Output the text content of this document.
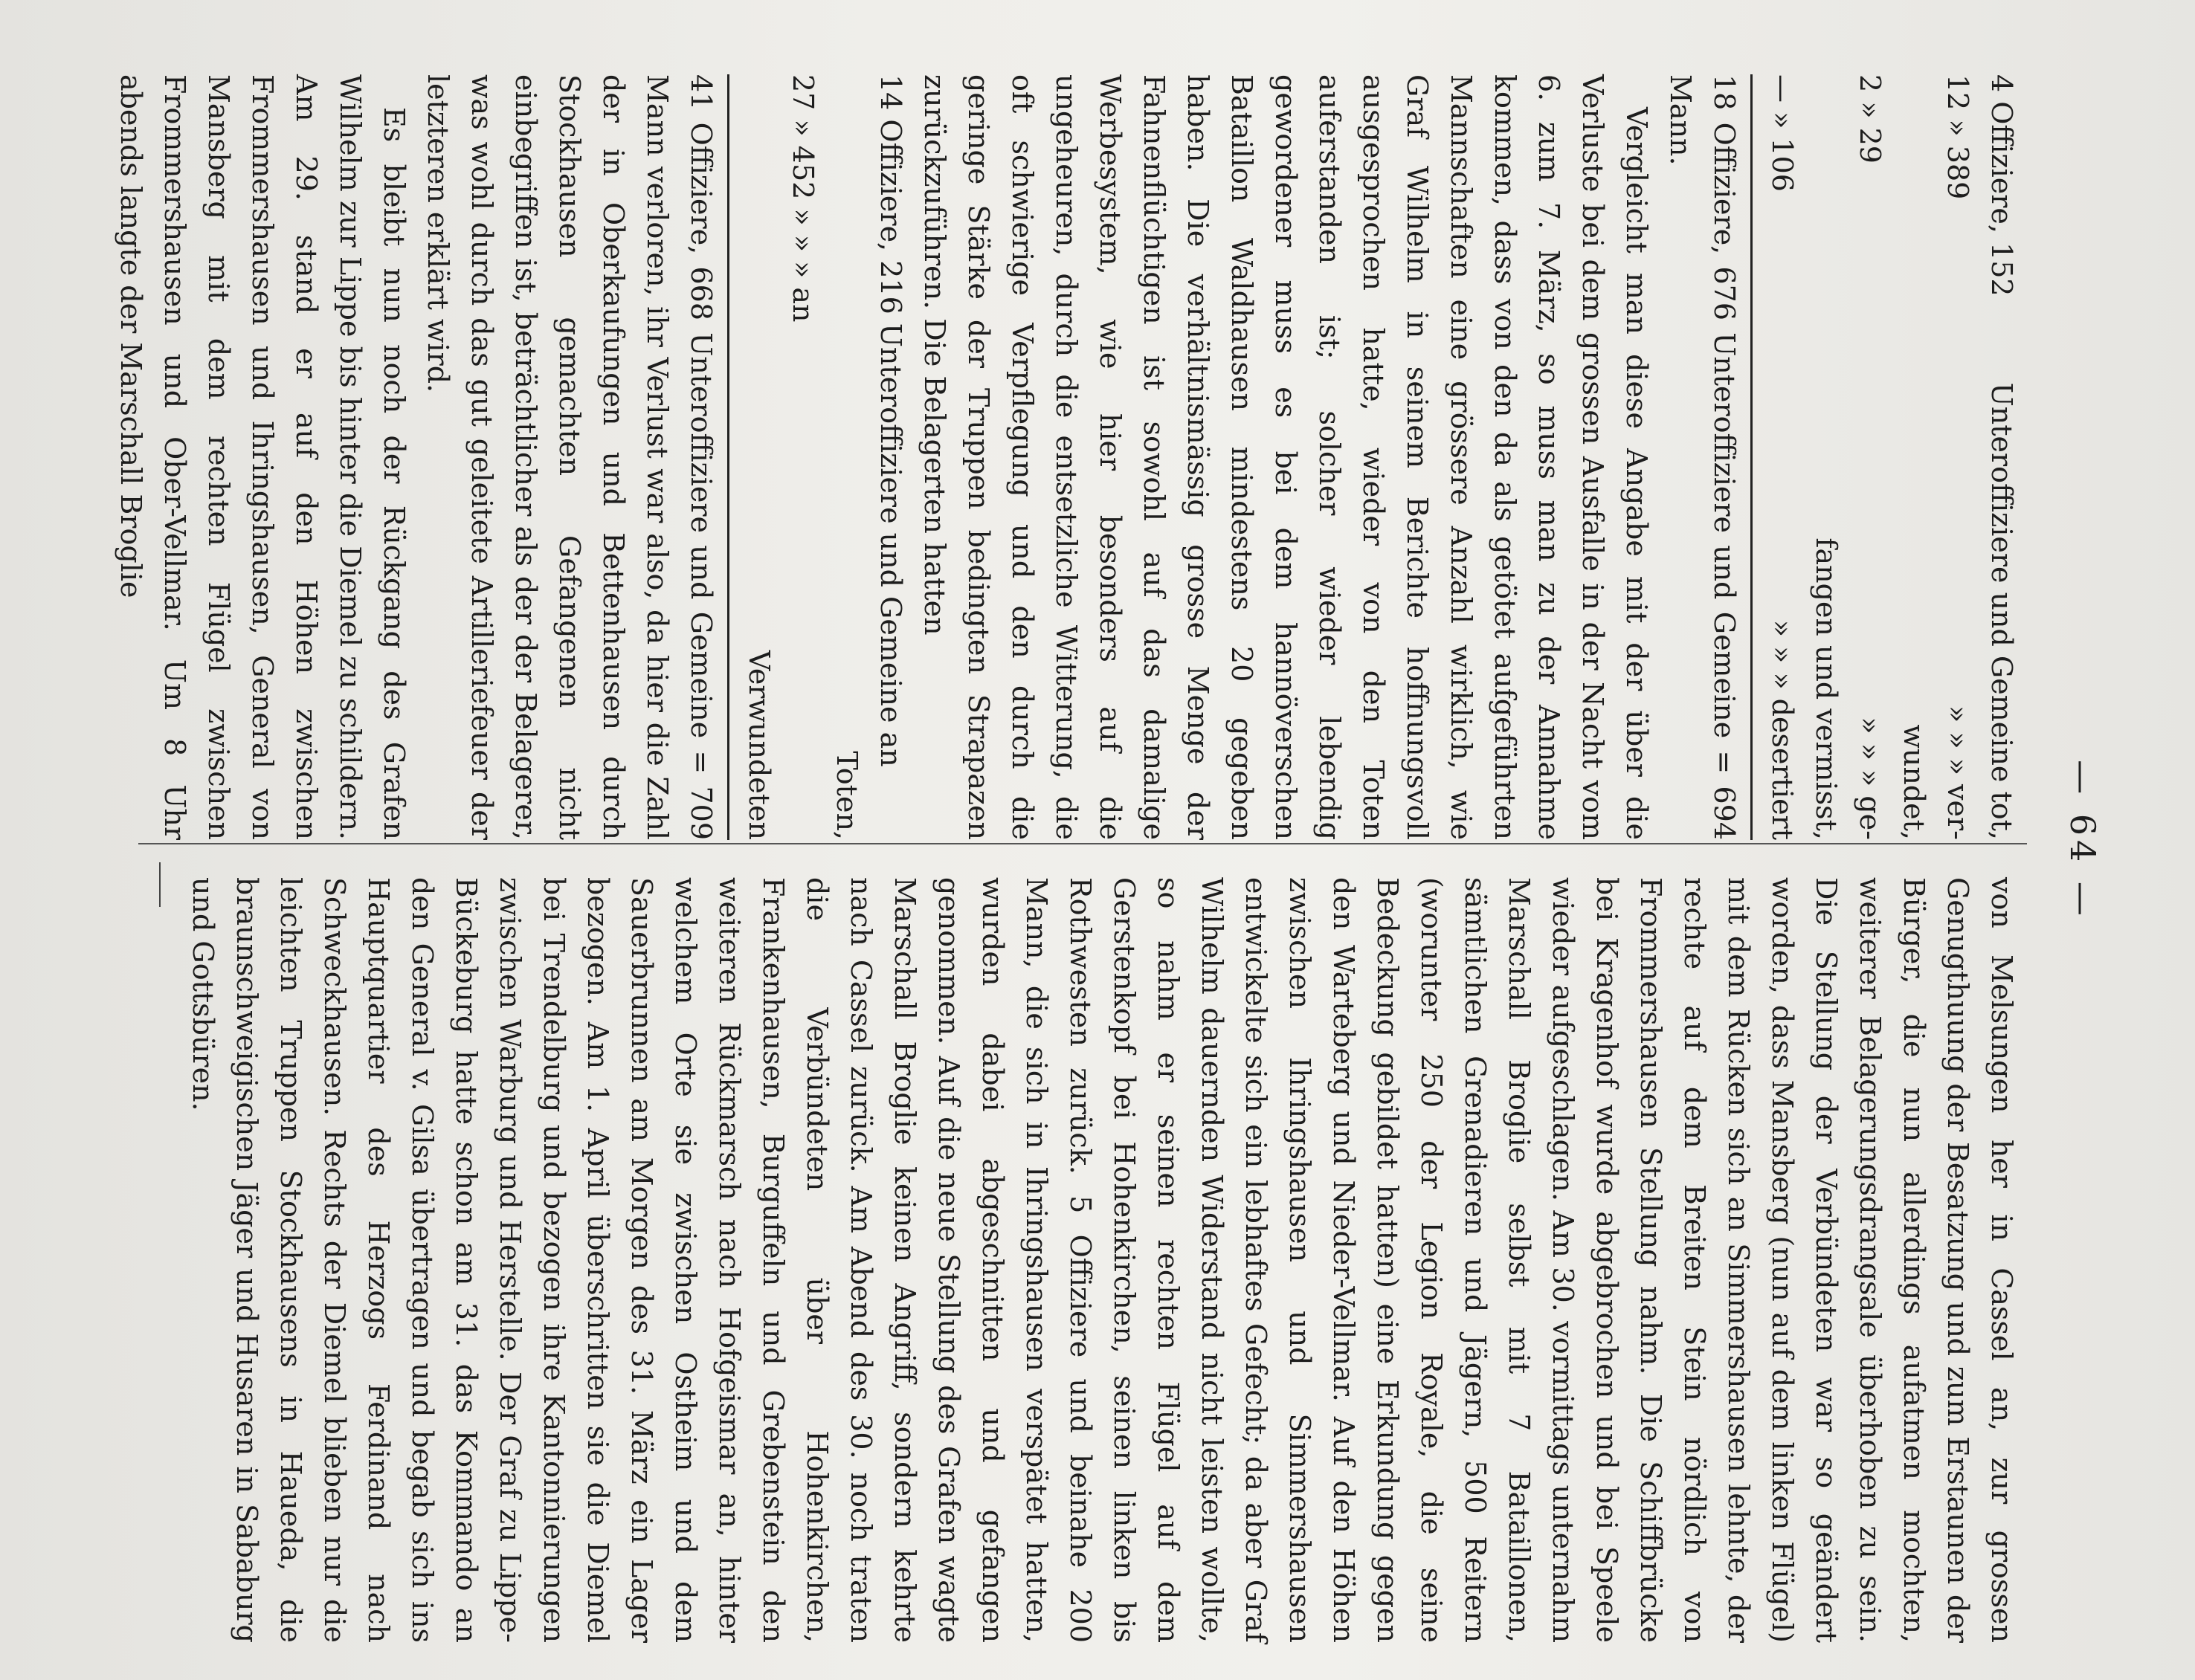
— 64 —
4 Offiziere, 152
Unteroffiziere und Gemeine tot,
12 » 389
» » » ver-
wundet,
2 » 29
» » » ge-
fangen und vermisst,
— » 106
» » » desertiert

18 Offiziere, 676 Unteroffiziere und Gemeine = 694 Mann.

Vergleicht man diese Angabe mit der über die Verluste bei dem grossen Ausfalle in der Nacht vom 6. zum 7. März, so muss man zu der Annahme kommen, dass von den da als getötet aufgeführten Mannschaften eine grössere Anzahl wirklich, wie Graf Wilhelm in seinem Berichte hoffnungsvoll ausgesprochen hatte, wieder von den Toten auferstanden ist; solcher wieder lebendig gewordener muss es bei dem hannöverschen Bataillon Waldhausen mindestens 20 gegeben haben. Die verhältnismässig grosse Menge der Fahnenflüchtigen ist sowohl auf das damalige Werbesystem, wie hier besonders auf die ungeheuren, durch die entsetzliche Witterung, die oft schwierige Verpflegung und den durch die geringe Stärke der Truppen bedingten Strapazen zurückzuführen. Die Belagerten hatten

14 Offiziere, 216 Unteroffiziere und Gemeine an
Toten,
27 » 452 » » » an
Verwundeten

41 Offiziere, 668 Unteroffiziere und Gemeine = 709 Mann verloren, ihr Verlust war also, da hier die Zahl der in Oberkaufungen und Bettenhausen durch Stockhausen gemachten Gefangenen nicht einbegriffen ist, beträchtlicher als der der Belagerer, was wohl durch das gut geleitete Artilleriefeuer der letzteren erklärt wird.

Es bleibt nun noch der Rückgang des Grafen Wilhelm zur Lippe bis hinter die Diemel zu schildern. Am 29. stand er auf den Höhen zwischen Frommershausen und Ihringshausen, General von Mansberg mit dem rechten Flügel zwischen Frommershausen und Ober-Vellmar. Um 8 Uhr abends langte der Marschall Broglie

von Melsungen her in Cassel an, zur grossen Genugthuung der Besatzung und zum Erstaunen der Bürger, die nun allerdings aufatmen mochten, weiterer Belagerungsdrangsale überhoben zu sein. Die Stellung der Verbündeten war so geändert worden, dass Mansberg (nun auf dem linken Flügel) mit dem Rücken sich an Simmershausen lehnte, der rechte auf dem Breiten Stein nördlich von Frommershausen Stellung nahm. Die Schiffbrücke bei Kragenhof wurde abgebrochen und bei Speele wieder aufgeschlagen. Am 30. vormittags unternahm Marschall Broglie selbst mit 7 Bataillonen, sämtlichen Grenadieren und Jägern, 500 Reitern (worunter 250 der Legion Royale, die seine Bedeckung gebildet hatten) eine Erkundung gegen den Warteberg und Nieder-Vellmar. Auf den Höhen zwischen Ihringshausen und Simmershausen entwickelte sich ein lebhaftes Gefecht; da aber Graf Wilhelm dauernden Widerstand nicht leisten wollte, so nahm er seinen rechten Flügel auf dem Gerstenkopf bei Hohenkirchen, seinen linken bis Rothwesten zurück. 5 Offiziere und beinahe 200 Mann, die sich in Ihringshausen verspätet hatten, wurden dabei abgeschnitten und gefangen genommen. Auf die neue Stellung des Grafen wagte Marschall Broglie keinen Angriff, sondern kehrte nach Cassel zurück. Am Abend des 30. noch traten die Verbündeten über Hohenkirchen, Frankenhausen, Burguffeln und Grebenstein den weiteren Rückmarsch nach Hofgeismar an, hinter welchem Orte sie zwischen Ostheim und dem Sauerbrunnen am Morgen des 31. März ein Lager bezogen. Am 1. April überschritten sie die Diemel bei Trendelburg und bezogen ihre Kantonnierungen zwischen Warburg und Herstelle. Der Graf zu Lippe-Bückeburg hatte schon am 31. das Kommando an den General v. Gilsa übertragen und begab sich ins Hauptquartier des Herzogs Ferdinand nach Schweckhausen. Rechts der Diemel blieben nur die leichten Truppen Stockhausens in Haueda, die braunschweigischen Jäger und Husaren in Sababurg und Gottsbüren.
